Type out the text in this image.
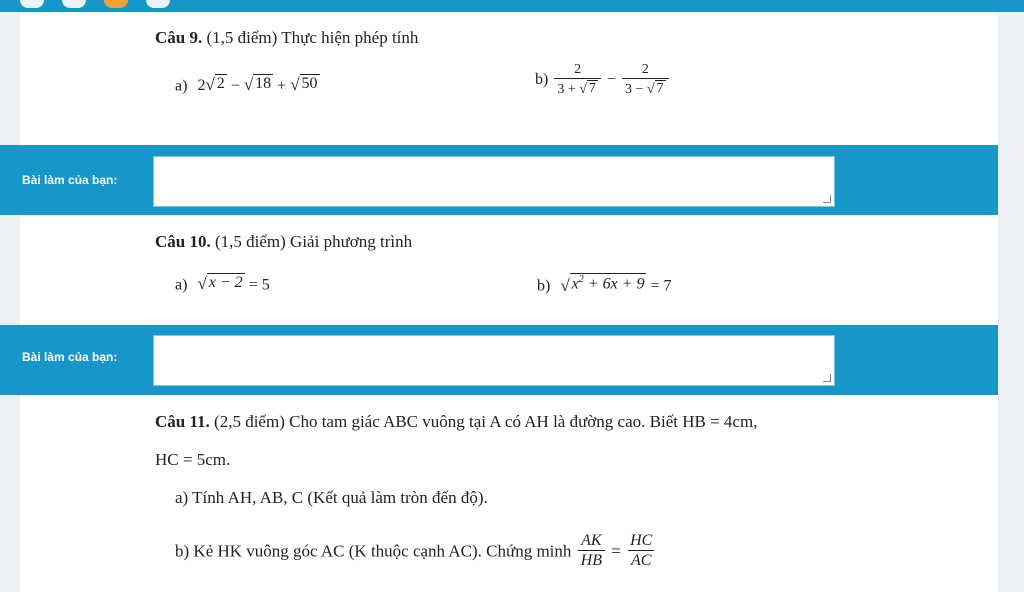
Câu 9. (1,5 điểm) Thực hiện phép tính
a) 2 √ 2 − √ 18 + √ 50	$b) \frac{2}{3 + √ 7} - \frac{2}{3 - √ 7}$
Bài làm của bạn:
Câu 10. (1,5 điểm) Giải phương trình
a) √ x − 2 = 5	b) √ $x^2 + 6x + 9 = 7$
Bài làm của bạn:
Câu 11. (2,5 điểm) Cho tam giác ABC vuông tại A có AH là đường cao. Biết HB = 4cm,
HC = 5cm.
a) Tính AH, AB, C (Kết quả làm tròn đến độ).
b) Kẻ HK vuông góc AC (K thuộc cạnh AC). Chứng minh $\frac{AK}{HB} = \frac{HC}{AC}$
